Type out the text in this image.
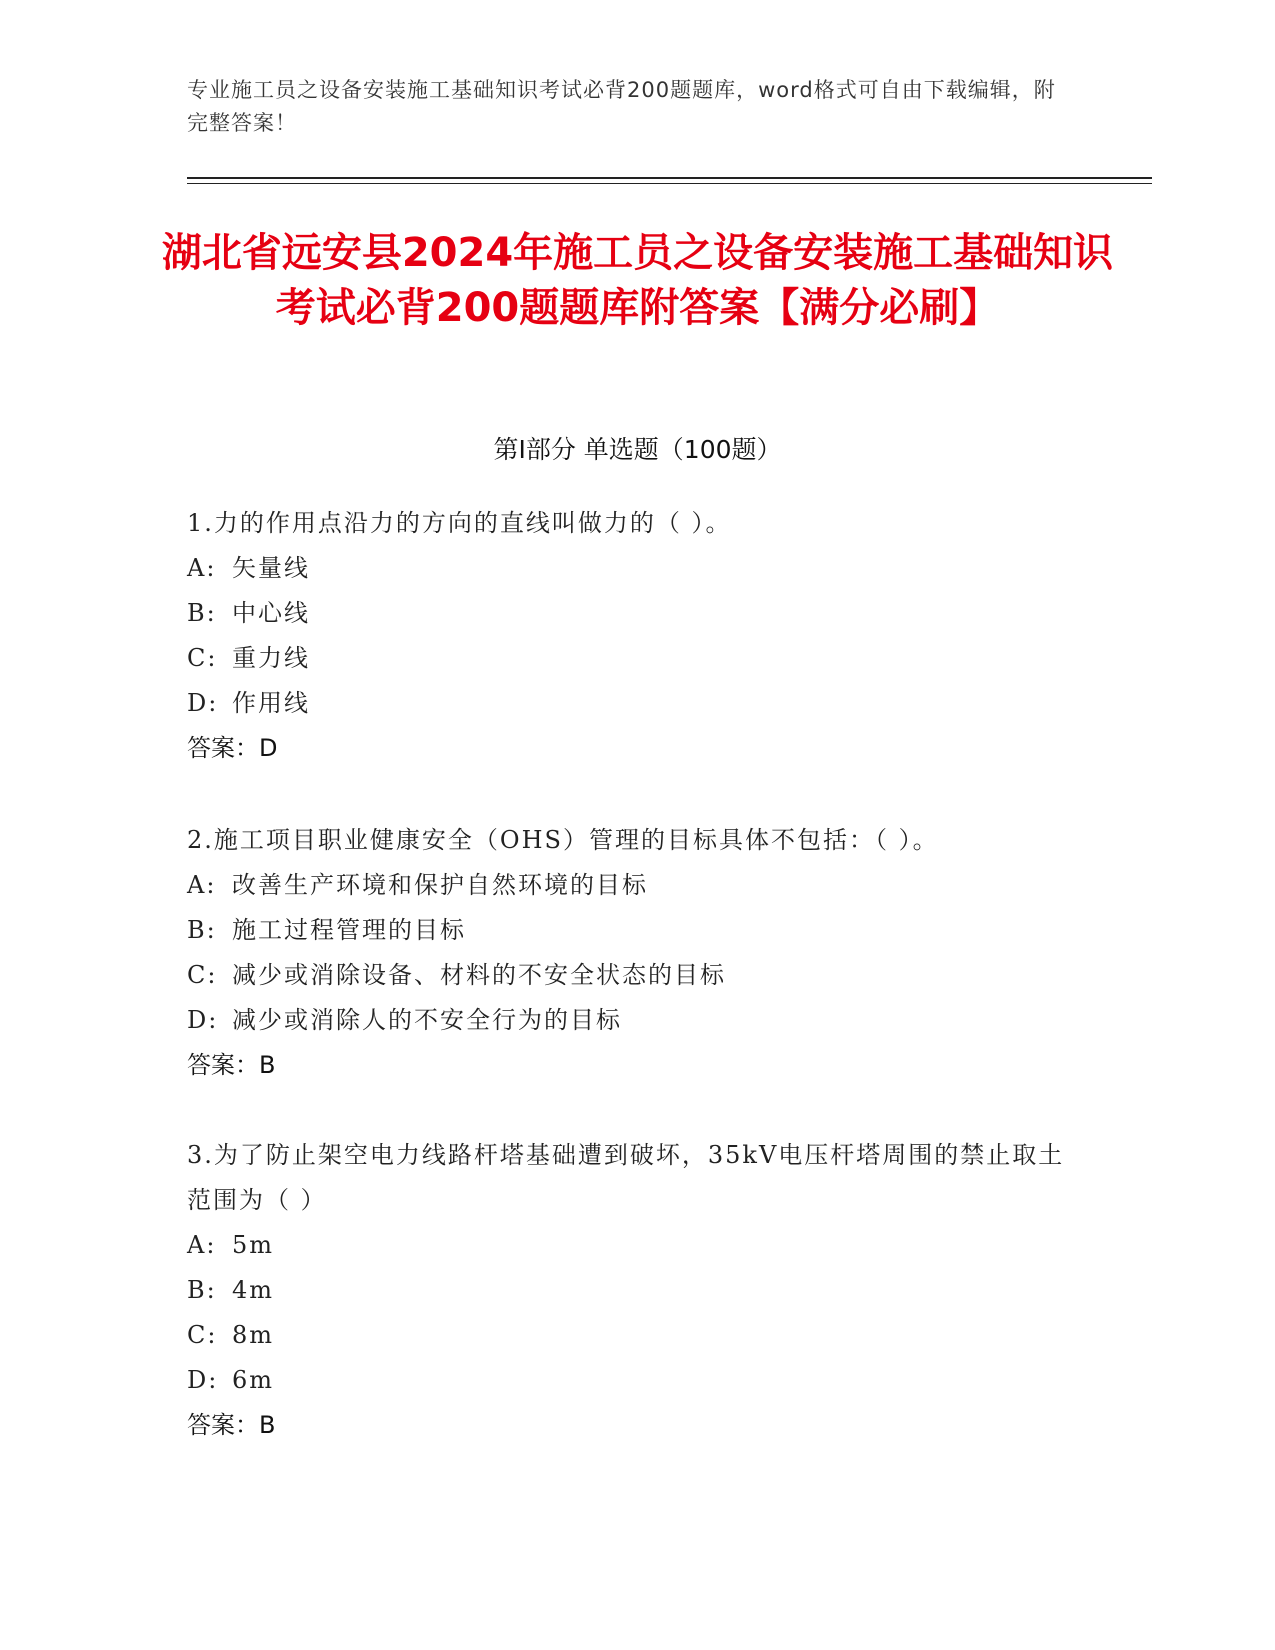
专业施工员之设备安装施工基础知识考试必背200题题库，word格式可自由下载编辑，附完整答案！
湖北省远安县2024年施工员之设备安装施工基础知识考试必背200题题库附答案【满分必刷】
第Ⅰ部分 单选题（100题）
1.力的作用点沿力的方向的直线叫做力的（ ）。
A: 矢量线
B: 中心线
C: 重力线
D: 作用线
答案：D
2.施工项目职业健康安全（OHS）管理的目标具体不包括：（ ）。
A: 改善生产环境和保护自然环境的目标
B: 施工过程管理的目标
C: 减少或消除设备、材料的不安全状态的目标
D: 减少或消除人的不安全行为的目标
答案：B
3.为了防止架空电力线路杆塔基础遭到破坏，35kV电压杆塔周围的禁止取土范围为（ ）
A: 5m
B: 4m
C: 8m
D: 6m
答案：B
